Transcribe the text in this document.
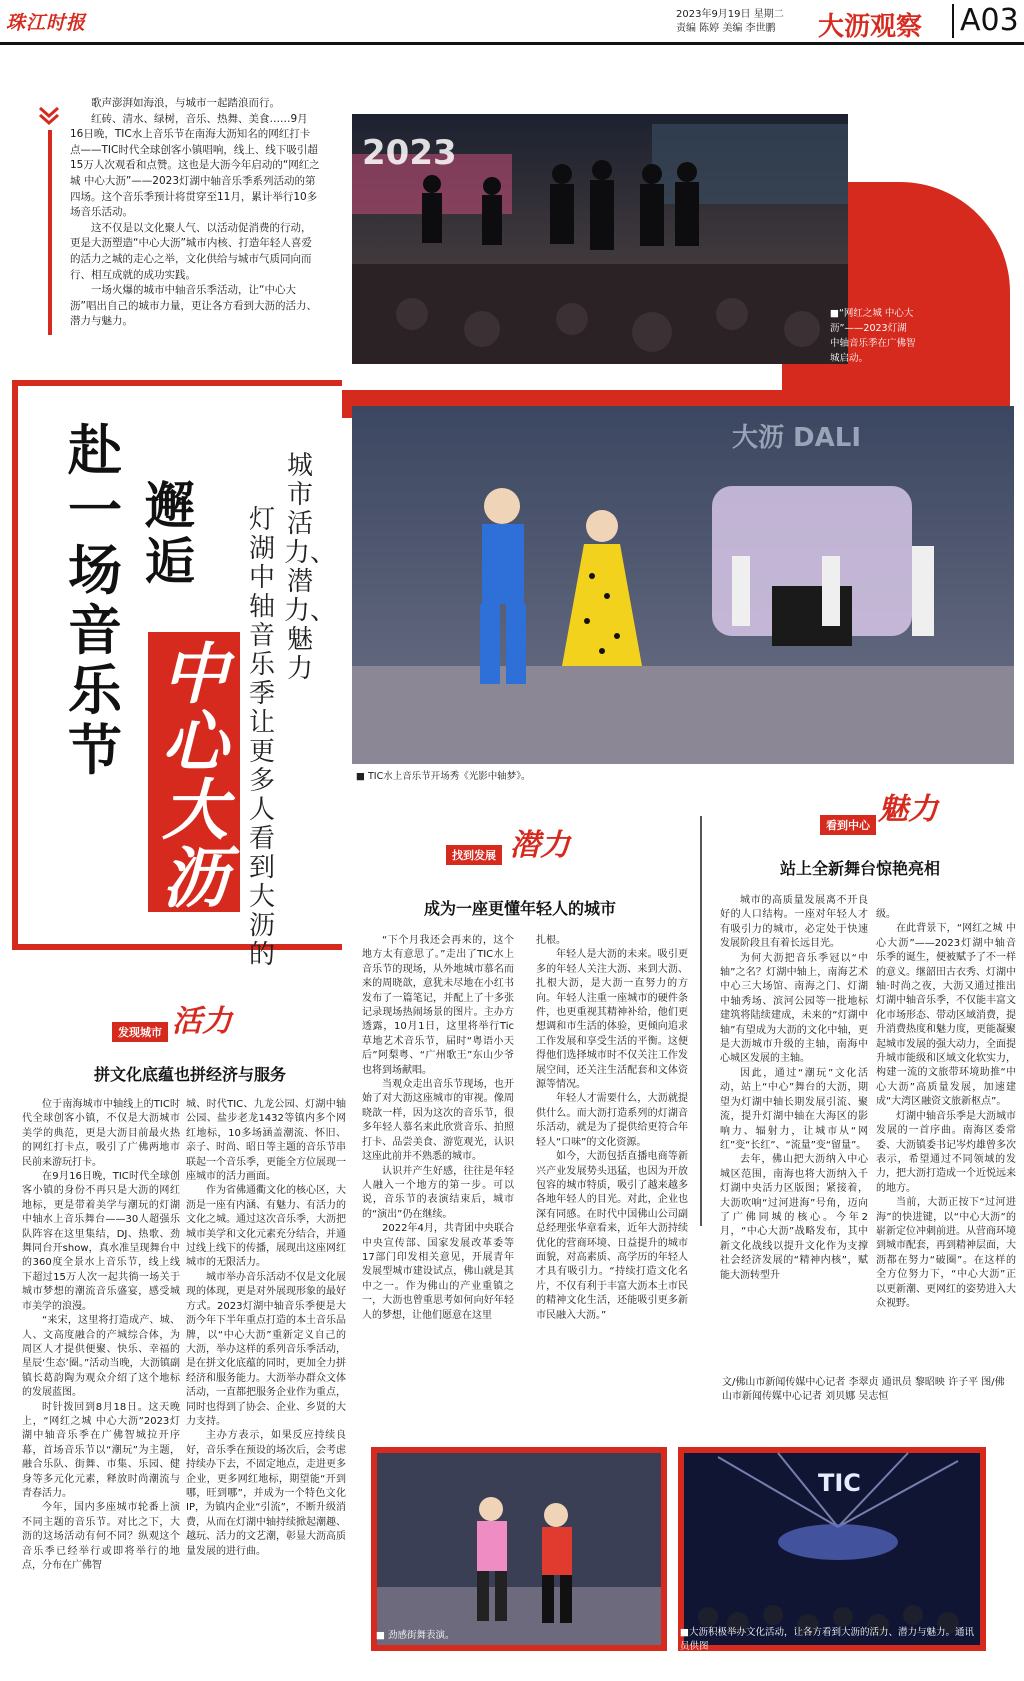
珠江时报	2023年9月19日 星期二
责编 陈婷 美编 李世鹏	大沥观察 A03

歌声澎湃如海浪，与城市一起踏浪而行。

红砖、清水、绿树，音乐、热舞、美食……9月16日晚，TIC水上音乐节在南海大沥知名的网红打卡点——TIC时代全球创客小镇唱响，线上、线下吸引超15万人次观看和点赞。这也是大沥今年启动的“网红之城 中心大沥”——2023灯湖中轴音乐季系列活动的第四场。这个音乐季预计将贯穿至11月，累计举行10多场音乐活动。

这不仅是以文化聚人气、以活动促消费的行动，更是大沥塑造“中心大沥”城市内核、打造年轻人喜爱的活力之城的走心之举，文化供给与城市气质同向而行、相互成就的成功实践。

一场火爆的城市中轴音乐季活动，让“中心大沥”唱出自己的城市力量，更让各方看到大沥的活力、潜力与魅力。

赴一场音乐节
邂逅
中心大沥
城市活力、潜力、魅力
灯湖中轴音乐季让更多人看到大沥的
2023
■“网红之城 中心大沥”——2023灯湖中轴音乐季在广佛智城启动。
大沥 DALI
■ TIC水上音乐节开场秀《光影中轴梦》。
发现城市 活力
拼文化底蕴也拼经济与服务

位于南海城市中轴线上的TIC时代全球创客小镇，不仅是大沥城市美学的典范，更是大沥目前最火热的网红打卡点，吸引了广佛两地市民前来游玩打卡。

在9月16日晚，TIC时代全球创客小镇的身份不再只是大沥的网红地标，更是带着美学与潮玩的灯湖中轴水上音乐舞台——30人超强乐队阵容在这里集结，DJ、热歌、劲舞同台开show，真水准呈现舞台中的360度全景水上音乐节，线上线下超过15万人次一起共徜一场关于城市梦想的潮流音乐盛宴，感受城市美学的浪漫。

“来宋，这里将打造成产、城、人、文高度融合的产城综合体，为周区人才提供便聚、快乐、幸福的星辰‘生态’圈。”活动当晚，大沥镇副镇长葛韵陶为观众介绍了这个地标的发展蓝图。

时针拨回到8月18日。这天晚上，“网红之城 中心大沥”2023灯湖中轴音乐季在广佛智城拉开序幕，首场音乐节以“潮玩”为主题，融合乐队、街舞、市集、乐园、健身等多元化元素，释放时尚潮流与青春活力。

今年，国内多座城市轮番上演不同主题的音乐节。对比之下，大沥的这场活动有何不同？纵观这个音乐季已经举行或即将举行的地点，分布在广佛智

城、时代TIC、九龙公园、灯湖中轴公园、盐步老龙1432等镇内多个网红地标，10多场涵盖潮流、怀旧、亲子、时尚、昭日等主题的音乐节串联起一个音乐季，更能全方位展现一座城市的活力画面。

作为省佛通衢文化的核心区，大沥是一座有内涵、有魅力、有活力的文化之城。通过这次音乐季，大沥把城市美学和文化元素充分结合，并通过线上线下的传播，展现出这座网红城市的无限活力。

城市举办音乐活动不仅是文化展现的体现，更是对外展现形象的最好方式。2023灯湖中轴音乐季便是大沥今年下半年重点打造的本土音乐品牌，以“中心大沥”重新定义自己的大沥，举办这样的系列音乐季活动，是在拼文化底蕴的同时，更加全力拼经济和服务能力。大沥举办群众文体活动，一直都把服务企业作为重点，同时也得到了协会、企业、乡贤的大力支持。

主办方表示，如果反应持续良好，音乐季在预设的场次后，会考虑持续办下去，不固定地点，走进更多企业，更多网红地标，期望能“开到哪，旺到哪”，并成为一个特色文化IP，为镇内企业“引流”，不断升级消费，从而在灯湖中轴持续掀起潮趣、越玩、活力的文艺潮，彰显大沥高质量发展的进行曲。

找到发展 潜力
成为一座更懂年轻人的城市

“下个月我还会再来的，这个地方太有意思了。”走出了TIC水上音乐节的现场，从外地城市慕名而来的周晓歆，意犹未尽地在小红书发布了一篇笔记，并配上了十多张记录现场热闹场景的图片。主办方透露，10月1日，这里将举行Tic草地艺术音乐节，届时“粤语小天后”阿梨粤、“广州歌王”东山少爷也将到场献唱。

当观众走出音乐节现场，也开始了对大沥这座城市的审视。像周晓歆一样，因为这次的音乐节，很多年轻人慕名来此欣赏音乐、拍照打卡、品尝美食、游览观光，认识这座此前并不熟悉的城市。

认识并产生好感，往往是年轻人融入一个地方的第一步。可以说，音乐节的表演结束后，城市的“演出”仍在继续。

2022年4月，共青团中央联合中央宣传部、国家发展改革委等17部门印发相关意见，开展青年发展型城市建设试点，佛山就是其中之一。作为佛山的产业重镇之一，大沥也曾重思考如何向好年轻人的梦想，让他们愿意在这里

扎根。

年轻人是大沥的未来。吸引更多的年轻人关注大沥、来到大沥、扎根大沥，是大沥一直努力的方向。年轻人注重一座城市的硬件条件，也更重视其精神补给，他们更想调和市生活的体验，更倾向追求工作发展和享受生活的平衡。这便得他们选择城市时不仅关注工作发展空间，还关注生活配套和文体资源等情况。

年轻人才需要什么，大沥就提供什么。而大沥打造系列的灯湖音乐活动，就是为了提供给更符合年轻人“口味”的文化资源。

如今，大沥包括直播电商等新兴产业发展势头迅猛，也因为开放包容的城市特质，吸引了越来越多各地年轻人的目光。对此，企业也深有同感。在时代中国佛山公司副总经理张华章看来，近年大沥持续优化的营商环境、日益提升的城市面貌，对高素质、高学历的年轻人才具有吸引力。“持续打造文化名片，不仅有利于丰富大沥本土市民的精神文化生活，还能吸引更多新市民融入大沥。”

看到中心 魅力
站上全新舞台惊艳亮相

城市的高质量发展离不开良好的人口结构。一座对年轻人才有吸引力的城市，必定处于快速发展阶段且有着长远目光。

为何大沥把音乐季冠以“中轴”之名？灯湖中轴上，南海艺术中心三大场馆、南海之门、灯湖中轴秀场、滨河公园等一批地标建筑将陆续建成，未来的“灯湖中轴”有望成为大沥的文化中轴，更是大沥城市升级的主轴，南海中心城区发展的主轴。

因此，通过“潮玩”文化活动，站上“中心”舞台的大沥，期望为灯湖中轴长期发展引流、聚流，提升灯湖中轴在大海区的影响力、辐射力，让城市从“网红”变“长红”、“流量”变“留量”。

去年，佛山把大沥纳入中心城区范围，南海也将大沥纳入千灯湖中央活力区版图；紧接着，大沥吹响“过河进海”号角，迈向了广佛同城的核心。今年2月，“中心大沥”战略发布，其中新文化战线以提升文化作为支撑社会经济发展的“精神内核”，赋能大沥转型升

级。

在此背景下，“网红之城 中心大沥”——2023灯湖中轴音乐季的诞生，便被赋予了不一样的意义。继韶田古衣秀、灯湖中轴·时尚之夜，大沥又通过推出灯湖中轴音乐季，不仅能丰富文化市场形态、带动区域消费，提升消费热度和魅力度，更能凝聚起城市发展的强大动力，全面提升城市能级和区域文化软实力，构建一流的文旅带环境助推“中心大沥”高质量发展，加速建成“大湾区融资文旅新枢点”。

灯湖中轴音乐季是大沥城市发展的一首序曲。南海区委常委、大沥镇委书记岑灼雄曾多次表示，希望通过不同领域的发力，把大沥打造成一个近悦远来的地方。

当前，大沥正按下“过河进海”的快进键，以“中心大沥”的崭新定位冲刺前进。从营商环境到城市配套，再到精神层面，大沥都在努力“破圈”。在这样的全方位努力下，“中心大沥”正以更新潮、更网红的姿势进入大众视野。

文/佛山市新闻传媒中心记者 李翠贞 通讯员 黎昭映 许子平 图/佛山市新闻传媒中心记者 刘贝娜 吴志恒
■ 劲感街舞表演。
TIC
■大沥积极举办文化活动，让各方看到大沥的活力、潜力与魅力。通讯员供图
